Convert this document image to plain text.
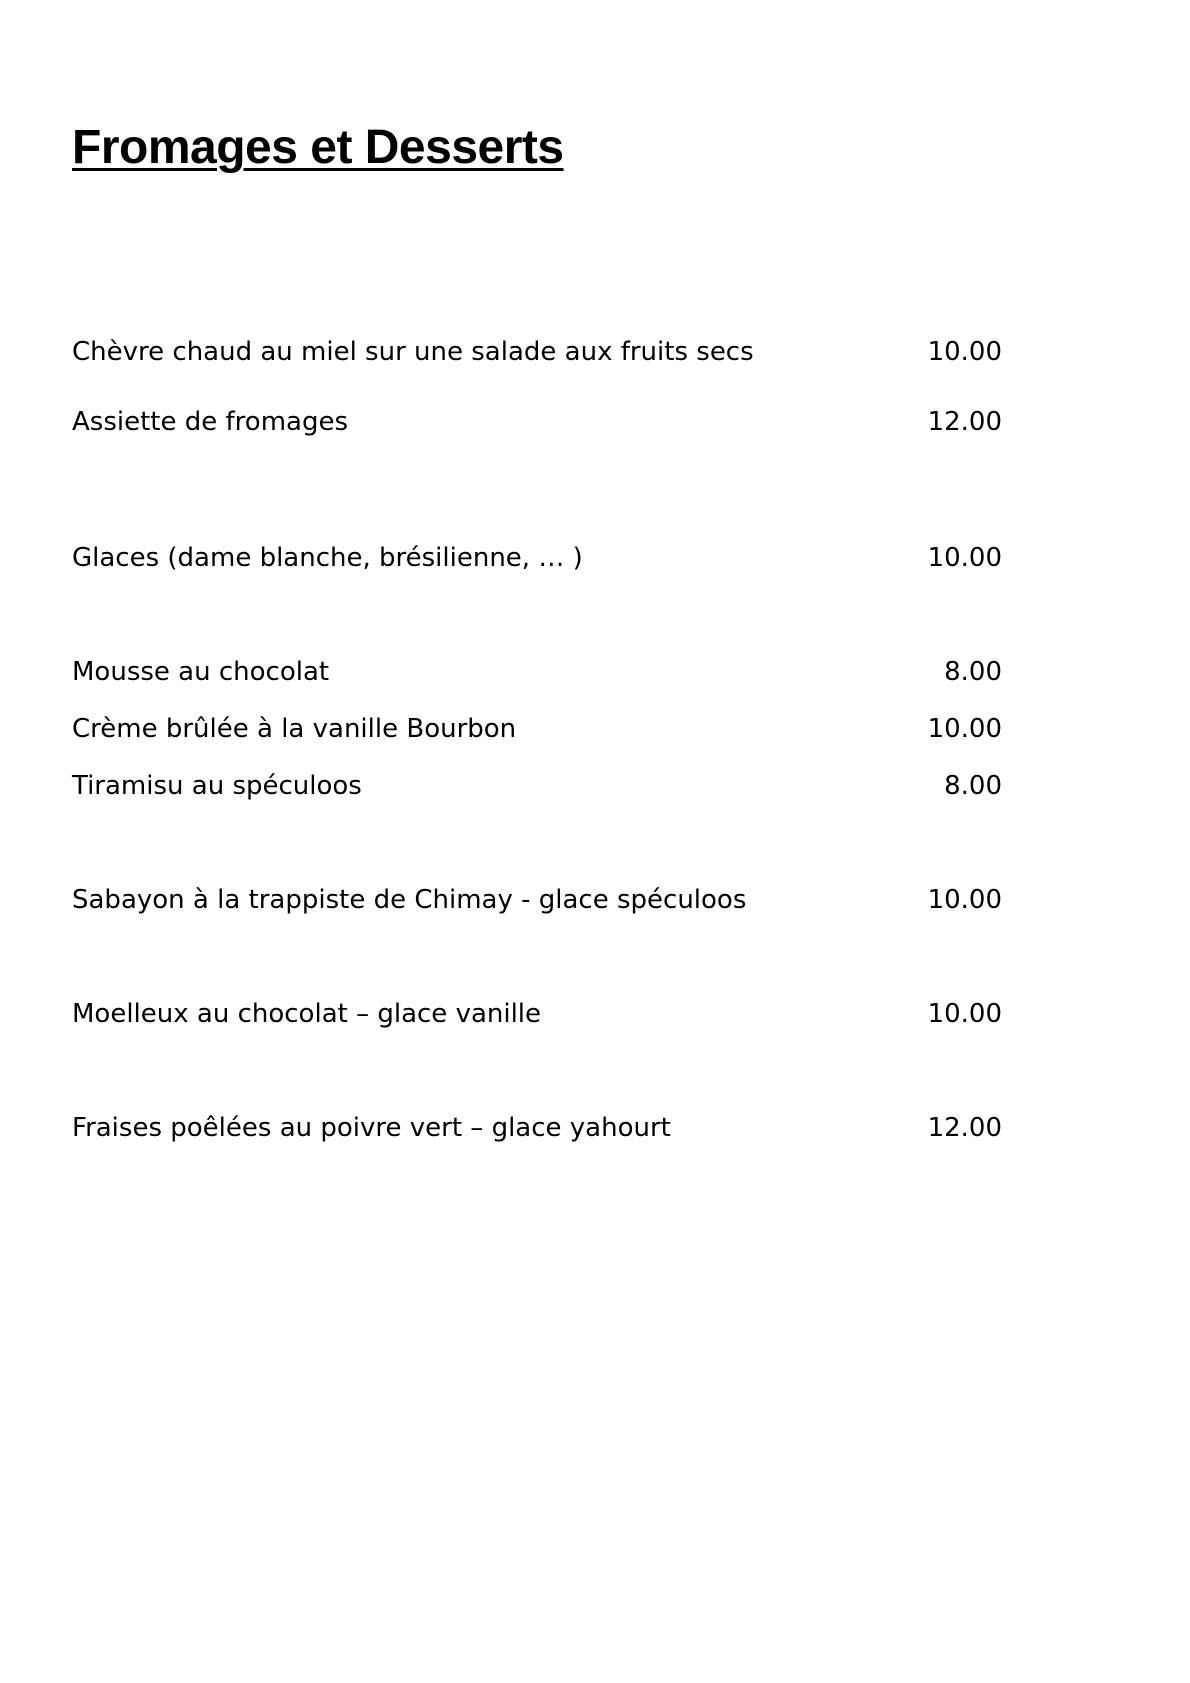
Fromages et Desserts
Chèvre chaud au miel sur une salade aux fruits secs	10.00
Assiette de fromages	12.00
Glaces (dame blanche, brésilienne, … )	10.00
Mousse au chocolat	8.00
Crème brûlée à la vanille Bourbon	10.00
Tiramisu au spéculoos	8.00
Sabayon à la trappiste de Chimay - glace spéculoos	10.00
Moelleux au chocolat – glace vanille	10.00
Fraises poêlées au poivre vert – glace yahourt	12.00
